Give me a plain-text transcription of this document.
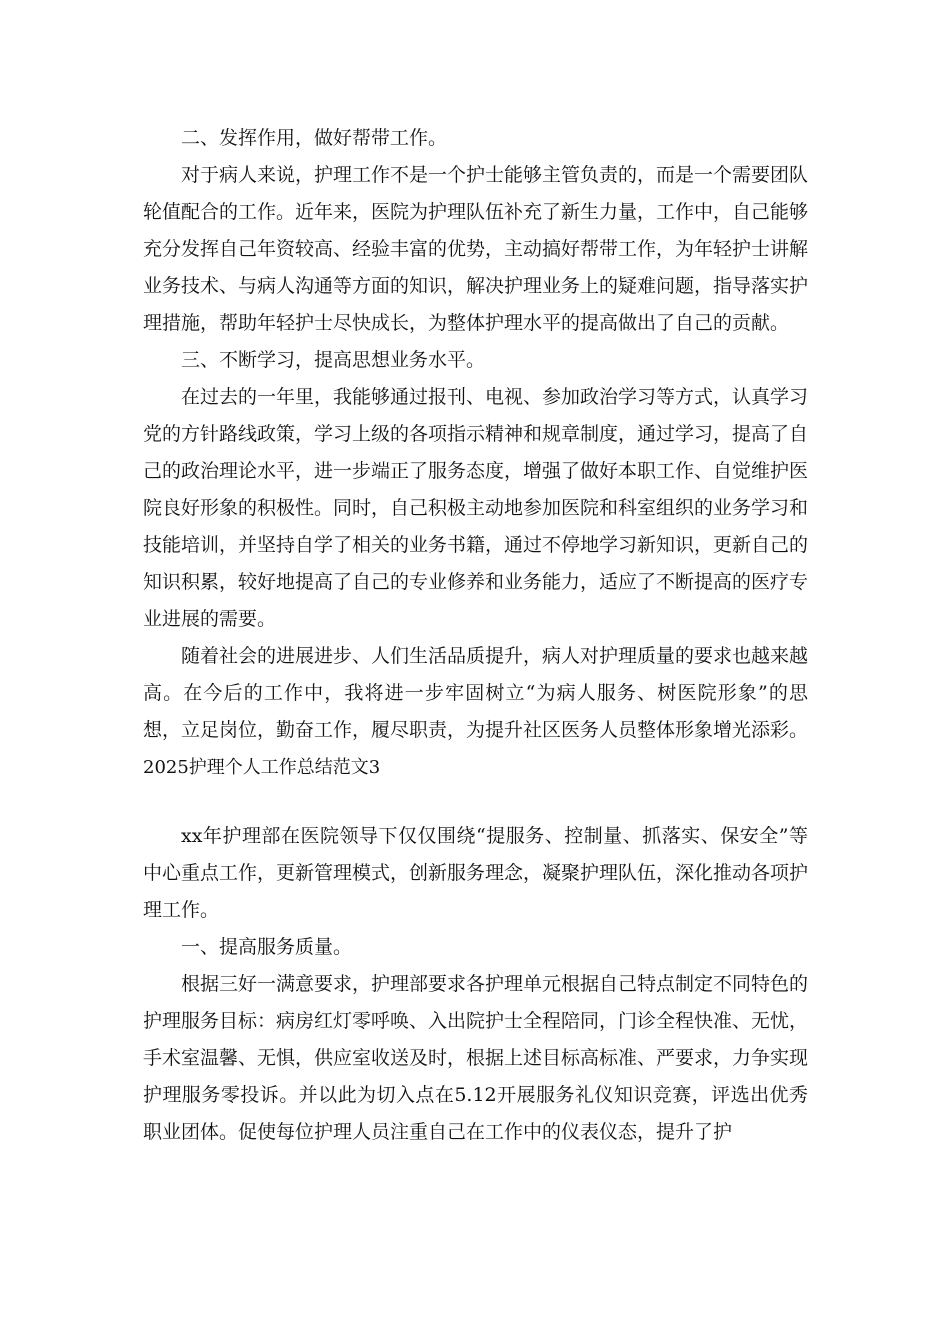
二、发挥作用，做好帮带工作。

对于病人来说，护理工作不是一个护士能够主管负责的，而是一个需要团队轮值配合的工作。近年来，医院为护理队伍补充了新生力量，工作中，自己能够充分发挥自己年资较高、经验丰富的优势，主动搞好帮带工作，为年轻护士讲解业务技术、与病人沟通等方面的知识，解决护理业务上的疑难问题，指导落实护理措施，帮助年轻护士尽快成长，为整体护理水平的提高做出了自己的贡献。

三、不断学习，提高思想业务水平。

在过去的一年里，我能够通过报刊、电视、参加政治学习等方式，认真学习党的方针路线政策，学习上级的各项指示精神和规章制度，通过学习，提高了自己的政治理论水平，进一步端正了服务态度，增强了做好本职工作、自觉维护医院良好形象的积极性。同时，自己积极主动地参加医院和科室组织的业务学习和技能培训，并坚持自学了相关的业务书籍，通过不停地学习新知识，更新自己的知识积累，较好地提高了自己的专业修养和业务能力，适应了不断提高的医疗专业进展的需要。

随着社会的进展进步、人们生活品质提升，病人对护理质量的要求也越来越高。在今后的工作中，我将进一步牢固树立“为病人服务、树医院形象”的思想，立足岗位，勤奋工作，履尽职责，为提升社区医务人员整体形象增光添彩。

2025护理个人工作总结范文3

xx年护理部在医院领导下仅仅围绕“提服务、控制量、抓落实、保安全”等中心重点工作，更新管理模式，创新服务理念，凝聚护理队伍，深化推动各项护理工作。

一、提高服务质量。

根据三好一满意要求，护理部要求各护理单元根据自己特点制定不同特色的护理服务目标：病房红灯零呼唤、入出院护士全程陪同，门诊全程快准、无忧，手术室温馨、无惧，供应室收送及时，根据上述目标高标准、严要求，力争实现护理服务零投诉。并以此为切入点在5.12开展服务礼仪知识竞赛，评选出优秀职业团体。促使每位护理人员注重自己在工作中的仪表仪态，提升了护
